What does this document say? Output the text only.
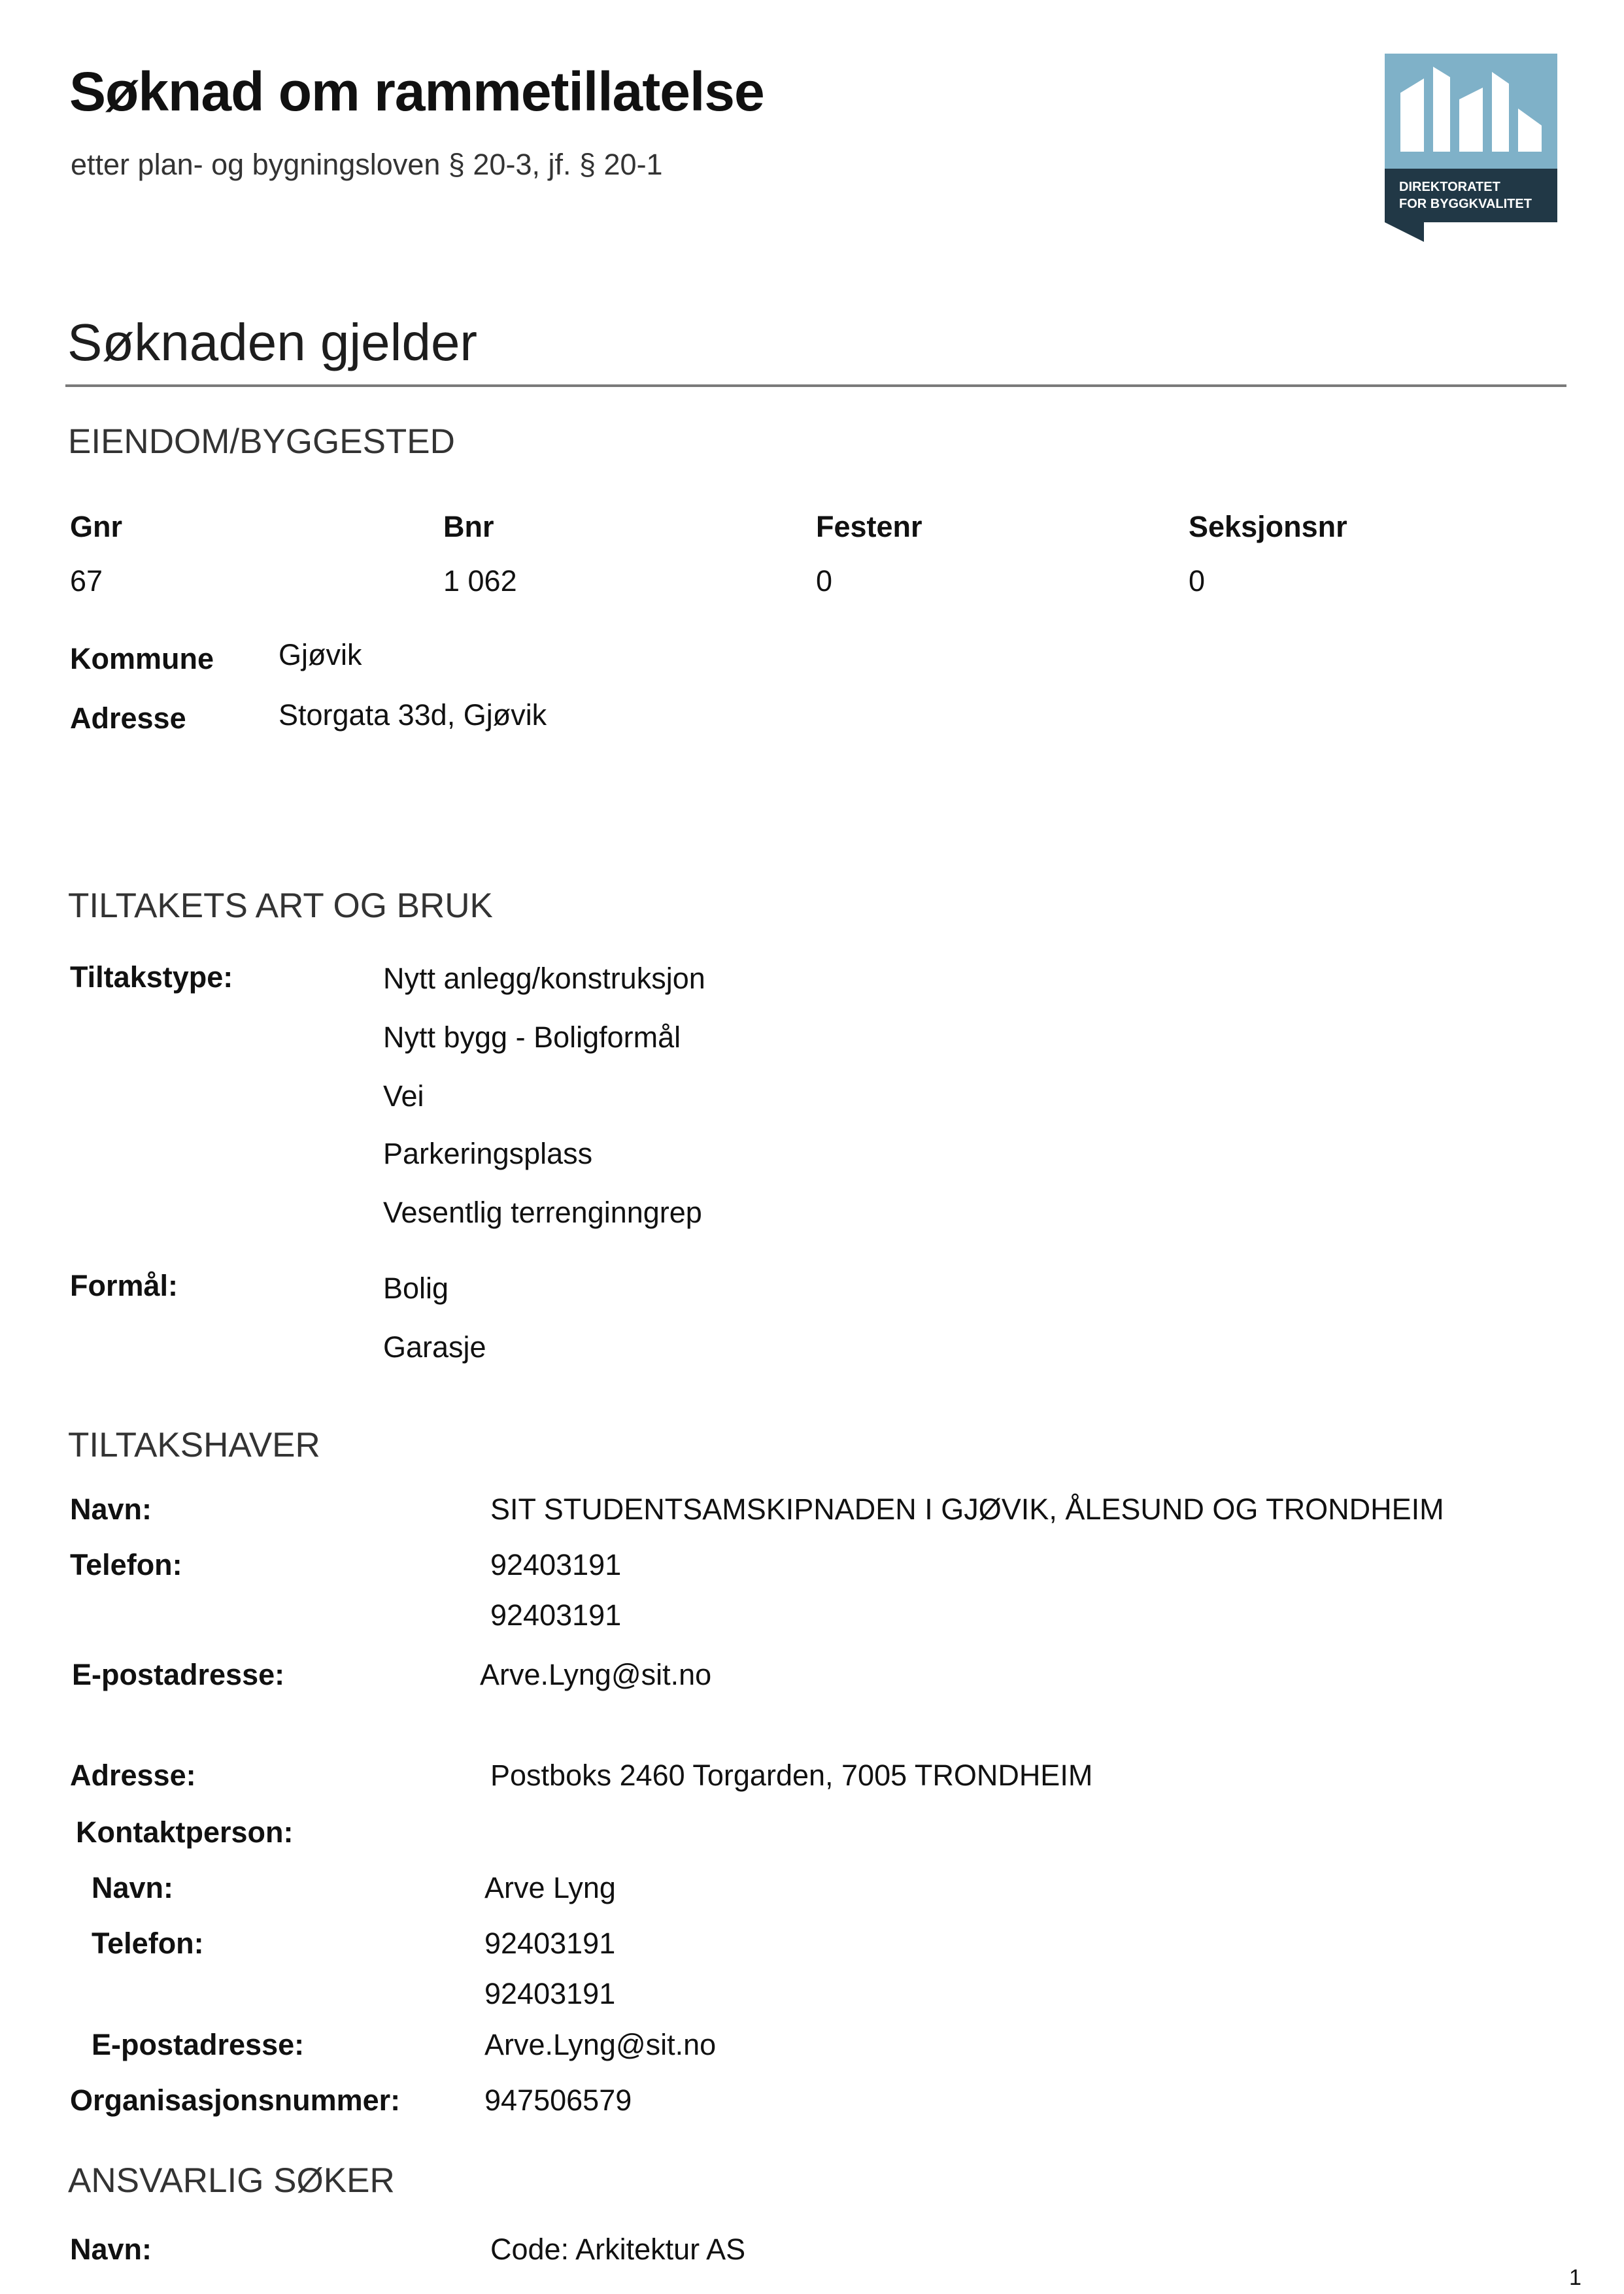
Søknad om rammetillatelse
etter plan- og bygningsloven § 20-3, jf. § 20-1
DIREKTORATET
FOR BYGGKVALITET
Søknaden gjelder
EIENDOM/BYGGESTED
Gnr	Bnr	Festenr	Seksjonsnr
67	1 062	0	0
Kommune Gjøvik
Adresse	Storgata 33d, Gjøvik
TILTAKETS ART OG BRUK
Tiltakstype:	Nytt anlegg/konstruksjon
Nytt bygg - Boligformål
Vei
Parkeringsplass
Vesentlig terrenginngrep
Formål:	Bolig
Garasje
TILTAKSHAVER
Navn:	SIT STUDENTSAMSKIPNADEN I GJØVIK, ÅLESUND OG TRONDHEIM
Telefon:	92403191
92403191
E-postadresse:	Arve.Lyng@sit.no
Adresse:	Postboks 2460 Torgarden, 7005 TRONDHEIM
Kontaktperson:
Navn:	Arve Lyng
Telefon:	92403191
92403191
E-postadresse:	Arve.Lyng@sit.no
Organisasjonsnummer:	947506579
ANSVARLIG SØKER
Navn:	Code: Arkitektur AS
1
